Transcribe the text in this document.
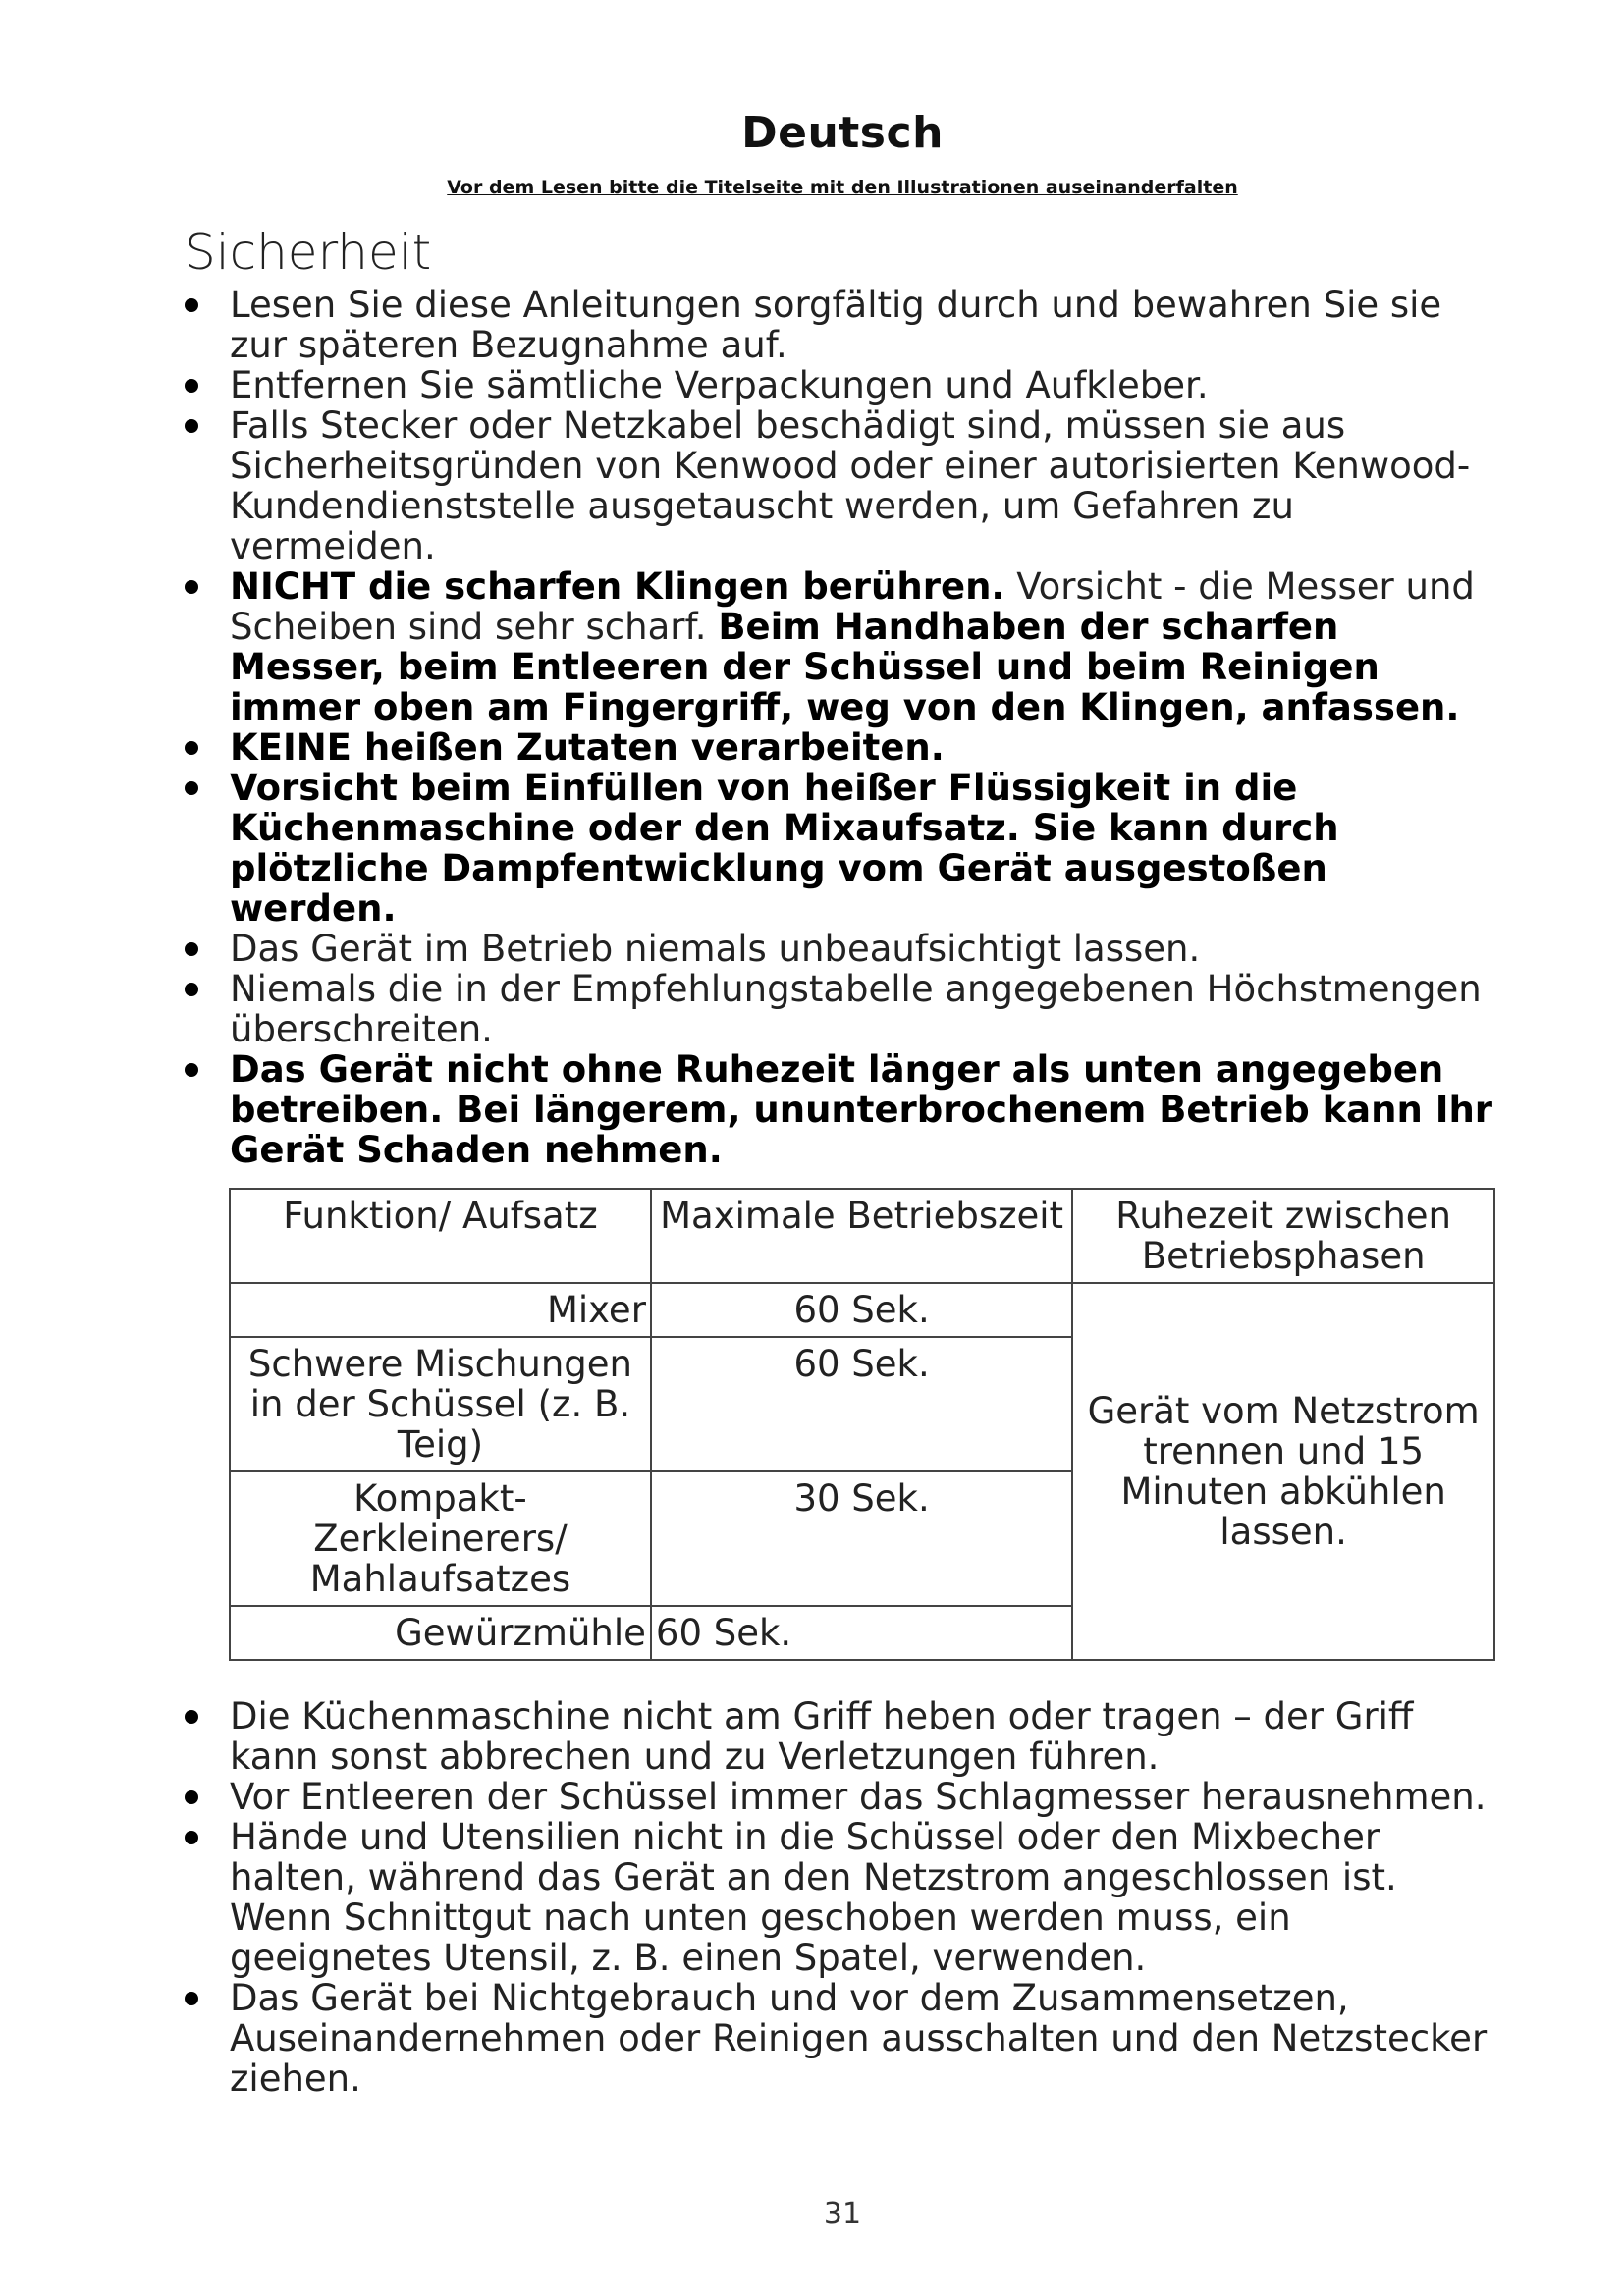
Deutsch
Vor dem Lesen bitte die Titelseite mit den Illustrationen auseinanderfalten
Sicherheit
Lesen Sie diese Anleitungen sorgfältig durch und bewahren Sie sie zur späteren Bezugnahme auf.
Entfernen Sie sämtliche Verpackungen und Aufkleber.
Falls Stecker oder Netzkabel beschädigt sind, müssen sie aus Sicherheitsgründen von Kenwood oder einer autorisierten Kenwood-Kundendienststelle ausgetauscht werden, um Gefahren zu vermeiden.
NICHT die scharfen Klingen berühren. Vorsicht - die Messer und Scheiben sind sehr scharf. Beim Handhaben der scharfen Messer, beim Entleeren der Schüssel und beim Reinigen immer oben am Fingergriff, weg von den Klingen, anfassen.
KEINE heißen Zutaten verarbeiten.
Vorsicht beim Einfüllen von heißer Flüssigkeit in die Küchenmaschine oder den Mixaufsatz. Sie kann durch plötzliche Dampfentwicklung vom Gerät ausgestoßen werden.
Das Gerät im Betrieb niemals unbeaufsichtigt lassen.
Niemals die in der Empfehlungstabelle angegebenen Höchstmengen überschreiten.
Das Gerät nicht ohne Ruhezeit länger als unten angegeben betreiben. Bei längerem, ununterbrochenem Betrieb kann Ihr Gerät Schaden nehmen.
Funktion/ Aufsatz	Maximale Betriebszeit	Ruhezeit zwischen Betriebsphasen
Mixer	60 Sek.	Gerät vom Netzstrom trennen und 15 Minuten abkühlen lassen.
Schwere Mischungen in der Schüssel (z. B. Teig)	60 Sek.	
Kompakt-Zerkleinerers/ Mahlaufsatzes	30 Sek.	
Gewürzmühle	60 Sek.	
Die Küchenmaschine nicht am Griff heben oder tragen – der Griff kann sonst abbrechen und zu Verletzungen führen.
Vor Entleeren der Schüssel immer das Schlagmesser herausnehmen.
Hände und Utensilien nicht in die Schüssel oder den Mixbecher halten, während das Gerät an den Netzstrom angeschlossen ist. Wenn Schnittgut nach unten geschoben werden muss, ein geeignetes Utensil, z. B. einen Spatel, verwenden.
Das Gerät bei Nichtgebrauch und vor dem Zusammensetzen, Auseinandernehmen oder Reinigen ausschalten und den Netzstecker ziehen.
31
